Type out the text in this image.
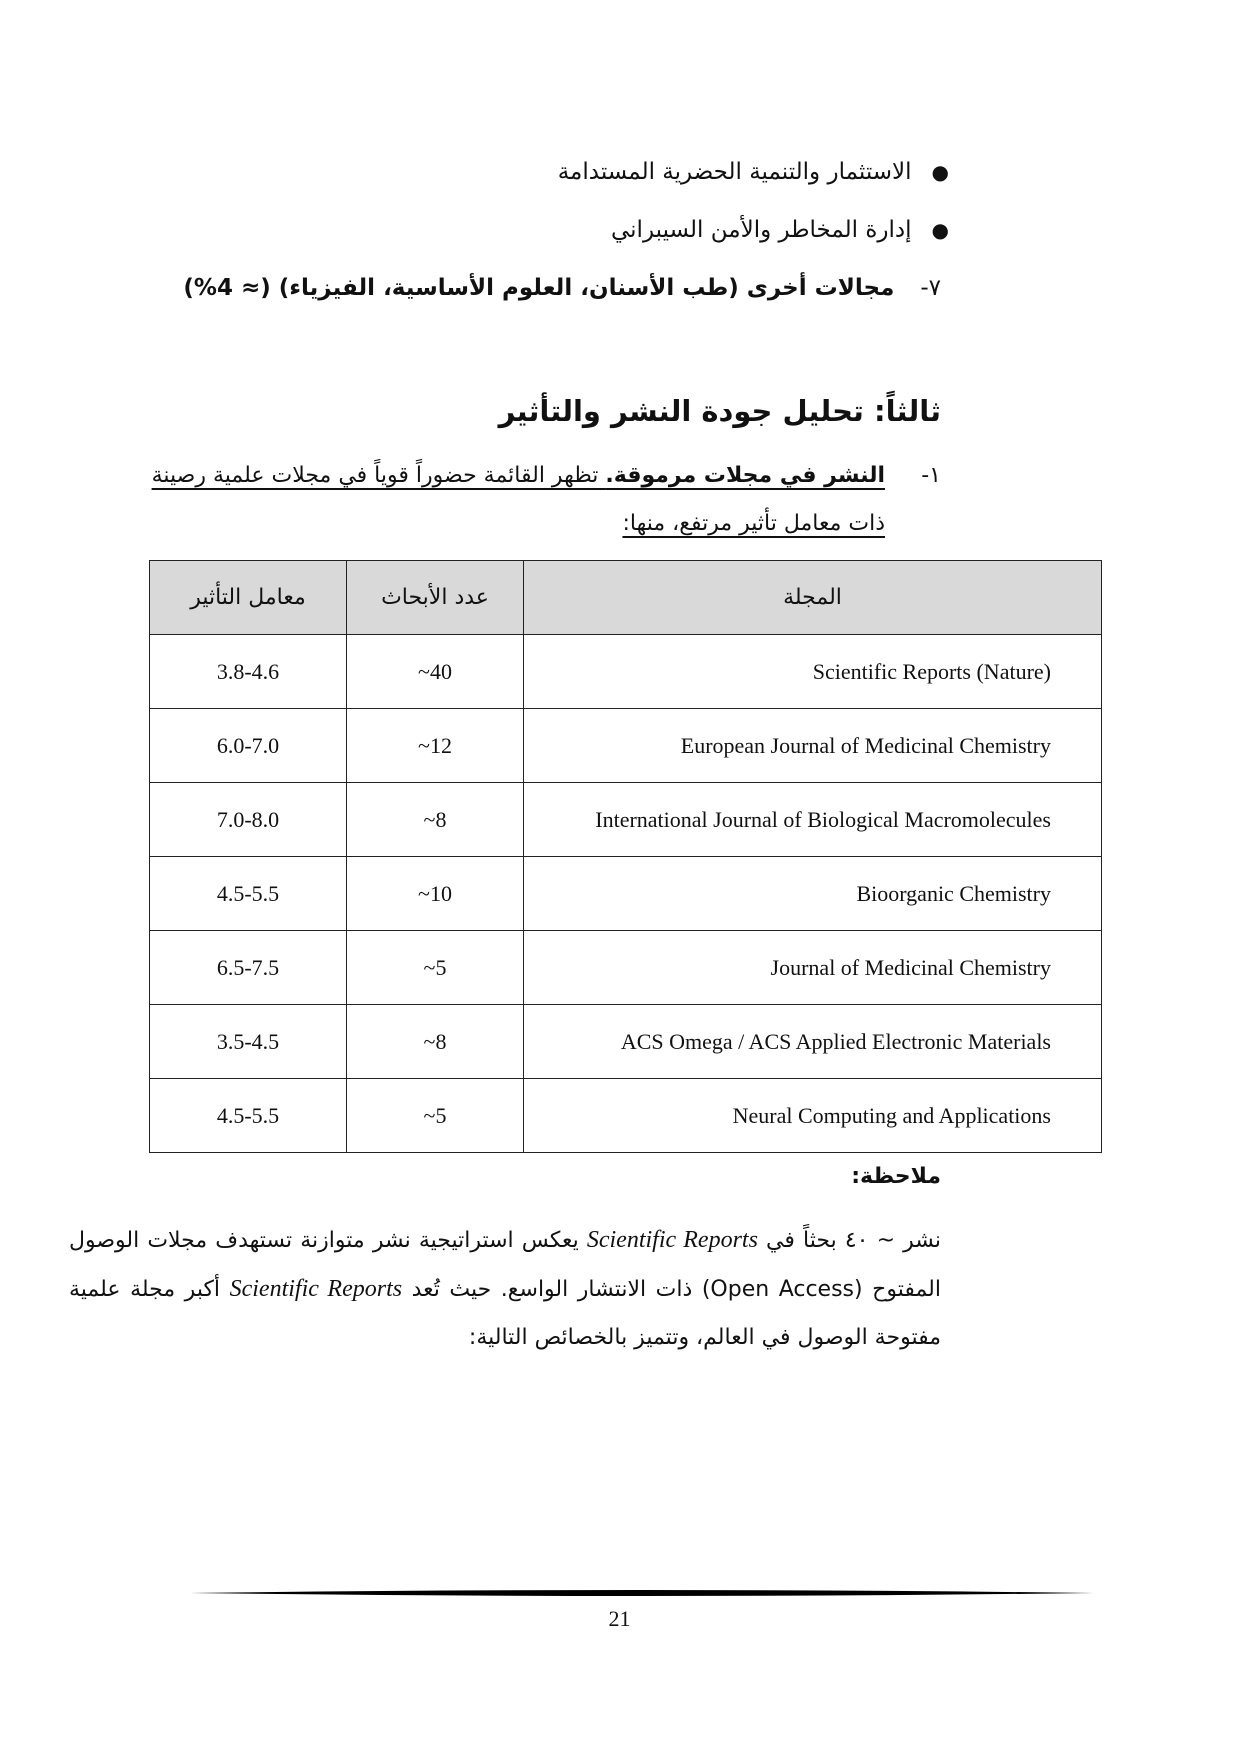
●
الاستثمار والتنمية الحضرية المستدامة
●
إدارة المخاطر والأمن السيبراني
٧-
مجالات أخرى (طب الأسنان، العلوم الأساسية، الفيزياء) (≈ 4%)
ثالثاً: تحليل جودة النشر والتأثير
١-
النشر في مجلات مرموقة. تظهر القائمة حضوراً قوياً في مجلات علمية رصينة ذات معامل تأثير مرتفع، منها:
المجلة	عدد الأبحاث	معامل التأثير
Scientific Reports (Nature)	~40	3.8-4.6
European Journal of Medicinal Chemistry	~12	6.0-7.0
International Journal of Biological Macromolecules	~8	7.0-8.0
Bioorganic Chemistry	~10	4.5-5.5
Journal of Medicinal Chemistry	~5	6.5-7.5
ACS Omega / ACS Applied Electronic Materials	~8	3.5-4.5
Neural Computing and Applications	~5	4.5-5.5
ملاحظة:
نشر ~ ٤٠ بحثاً في Scientific Reports يعكس استراتيجية نشر متوازنة تستهدف مجلات الوصول المفتوح (Open Access) ذات الانتشار الواسع. حيث تُعد Scientific Reports أكبر مجلة علمية مفتوحة الوصول في العالم، وتتميز بالخصائص التالية:
21
